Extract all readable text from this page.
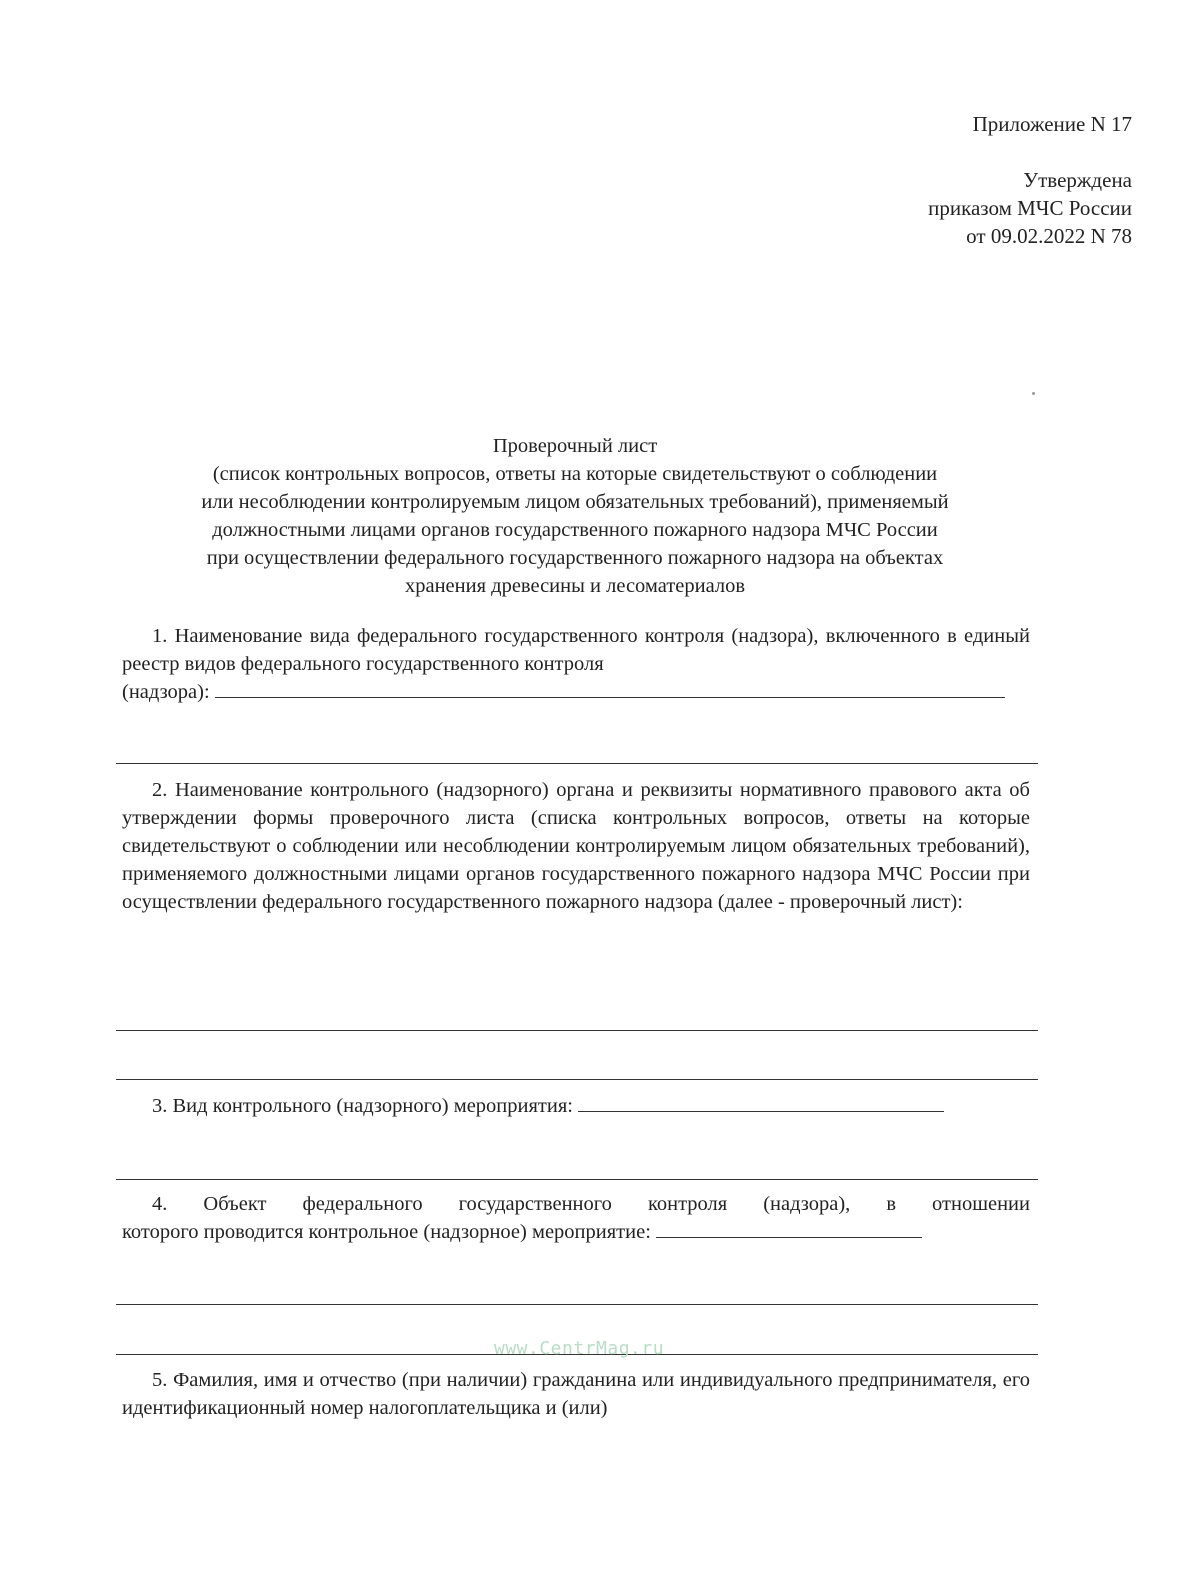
Приложение N 17
Утверждена
приказом МЧС России
от 09.02.2022 N 78
Проверочный лист
(список контрольных вопросов, ответы на которые свидетельствуют о соблюдении
или несоблюдении контролируемым лицом обязательных требований), применяемый
должностными лицами органов государственного пожарного надзора МЧС России
при осуществлении федерального государственного пожарного надзора на объектах
хранения древесины и лесоматериалов
1. Наименование вида федерального государственного контроля (надзора), включенного в единый реестр видов федерального государственного контроля
(надзора):
2. Наименование контрольного (надзорного) органа и реквизиты нормативного правового акта об утверждении формы проверочного листа (списка контрольных вопросов, ответы на которые свидетельствуют о соблюдении или несоблюдении контролируемым лицом обязательных требований), применяемого должностными лицами органов государственного пожарного надзора МЧС России при осуществлении федерального государственного пожарного надзора (далее - проверочный лист):
3. Вид контрольного (надзорного) мероприятия:
4. Объект федерального государственного контроля (надзора), в отношении
которого проводится контрольное (надзорное) мероприятие:
www.CentrMag.ru
5. Фамилия, имя и отчество (при наличии) гражданина или индивидуального предпринимателя, его идентификационный номер налогоплательщика и (или)
